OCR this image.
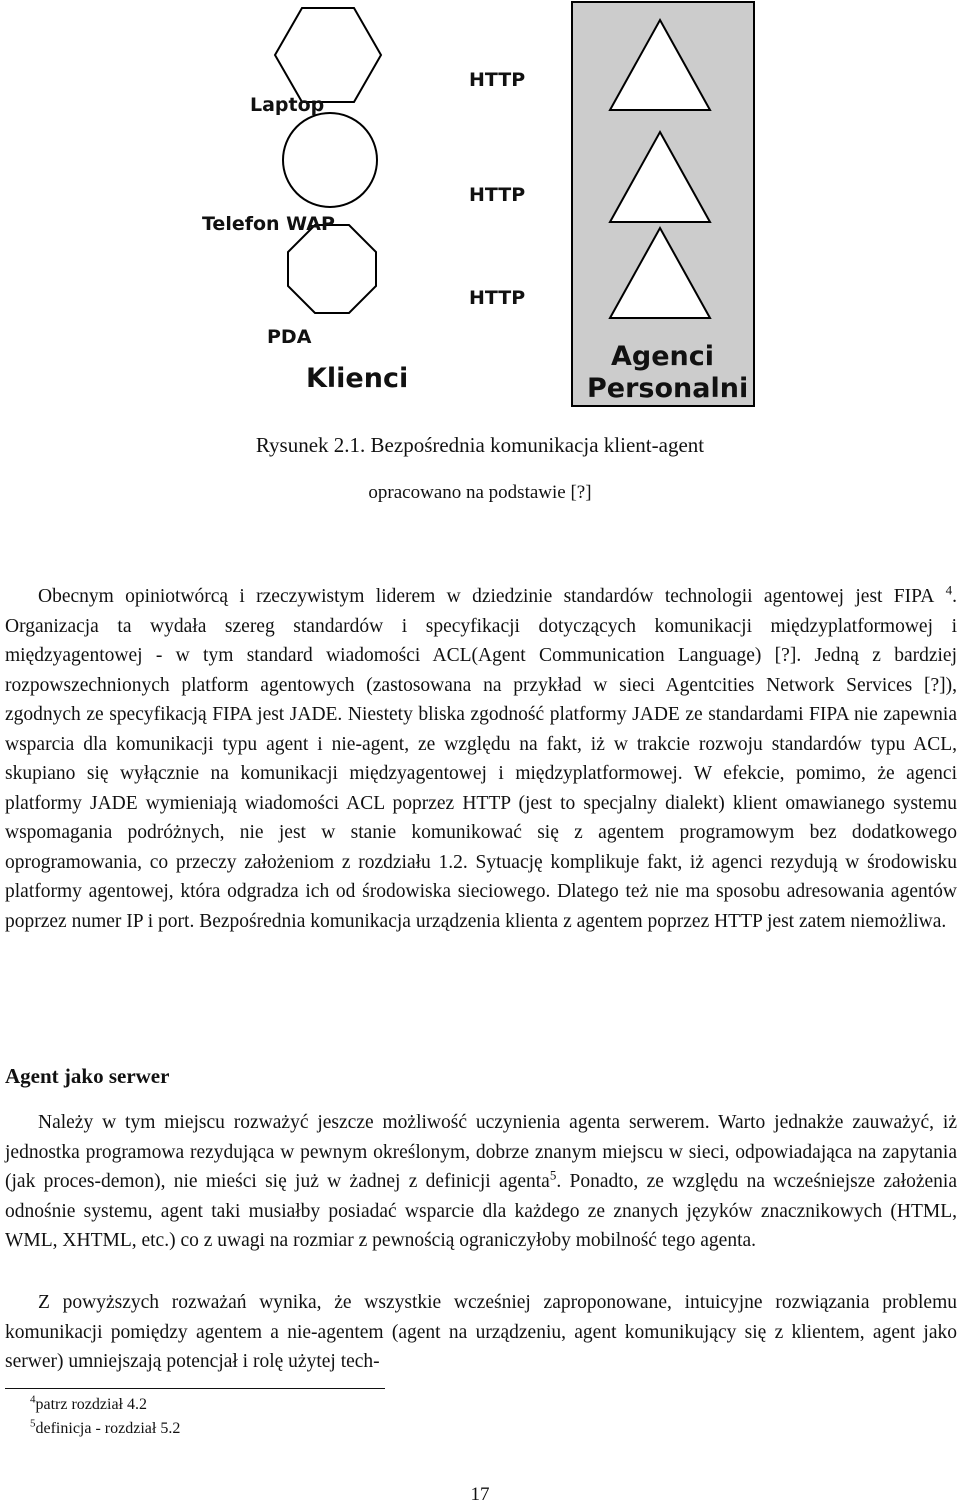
Laptop
Telefon WAP
PDA
HTTP
HTTP
HTTP
Klienci
Agenci
Personalni
Rysunek 2.1. Bezpośrednia komunikacja klient-agent
opracowano na podstawie [?]

Obecnym opiniotwórcą i rzeczywistym liderem w dziedzinie standardów technologii agentowej jest FIPA $^4$. Organizacja ta wydała szereg standardów i specyfikacji dotyczących komunikacji międzyplatformowej i międzyagentowej - w tym standard wiadomości ACL(Agent Communication Language) [?]. Jedną z bardziej rozpowszechnionych platform agentowych (zastosowana na przykład w sieci Agentcities Network Services [?]), zgodnych ze specyfikacją FIPA jest JADE. Niestety bliska zgodność platformy JADE ze standardami FIPA nie zapewnia wsparcia dla komunikacji typu agent i nie-agent, ze względu na fakt, iż w trakcie rozwoju standardów typu ACL, skupiano się wyłącznie na komunikacji międzyagentowej i międzyplatformowej. W efekcie, pomimo, że agenci platformy JADE wymieniają wiadomości ACL poprzez HTTP (jest to specjalny dialekt) klient omawianego systemu wspomagania podróżnych, nie jest w stanie komunikować się z agentem programowym bez dodatkowego oprogramowania, co przeczy założeniom z rozdziału 1.2. Sytuację komplikuje fakt, iż agenci rezydują w środowisku platformy agentowej, która odgradza ich od środowiska sieciowego. Dlatego też nie ma sposobu adresowania agentów poprzez numer IP i port. Bezpośrednia komunikacja urządzenia klienta z agentem poprzez HTTP jest zatem niemożliwa.

Agent jako serwer

Należy w tym miejscu rozważyć jeszcze możliwość uczynienia agenta serwerem. Warto jednakże zauważyć, iż jednostka programowa rezydująca w pewnym określonym, dobrze znanym miejscu w sieci, odpowiadająca na zapytania (jak proces-demon), nie mieści się już w żadnej z definicji agenta$^5$. Ponadto, ze względu na wcześniejsze założenia odnośnie systemu, agent taki musiałby posiadać wsparcie dla każdego ze znanych języków znacznikowych (HTML, WML, XHTML, etc.) co z uwagi na rozmiar z pewnością ograniczyłoby mobilność tego agenta.

Z powyższych rozważań wynika, że wszystkie wcześniej zaproponowane, intuicyjne rozwiązania problemu komunikacji pomiędzy agentem a nie-agentem (agent na urządzeniu, agent komunikujący się z klientem, agent jako serwer) umniejszają potencjał i rolę użytej tech-

$^4$patrz rozdział 4.2
$^5$definicja - rozdział 5.2
17
